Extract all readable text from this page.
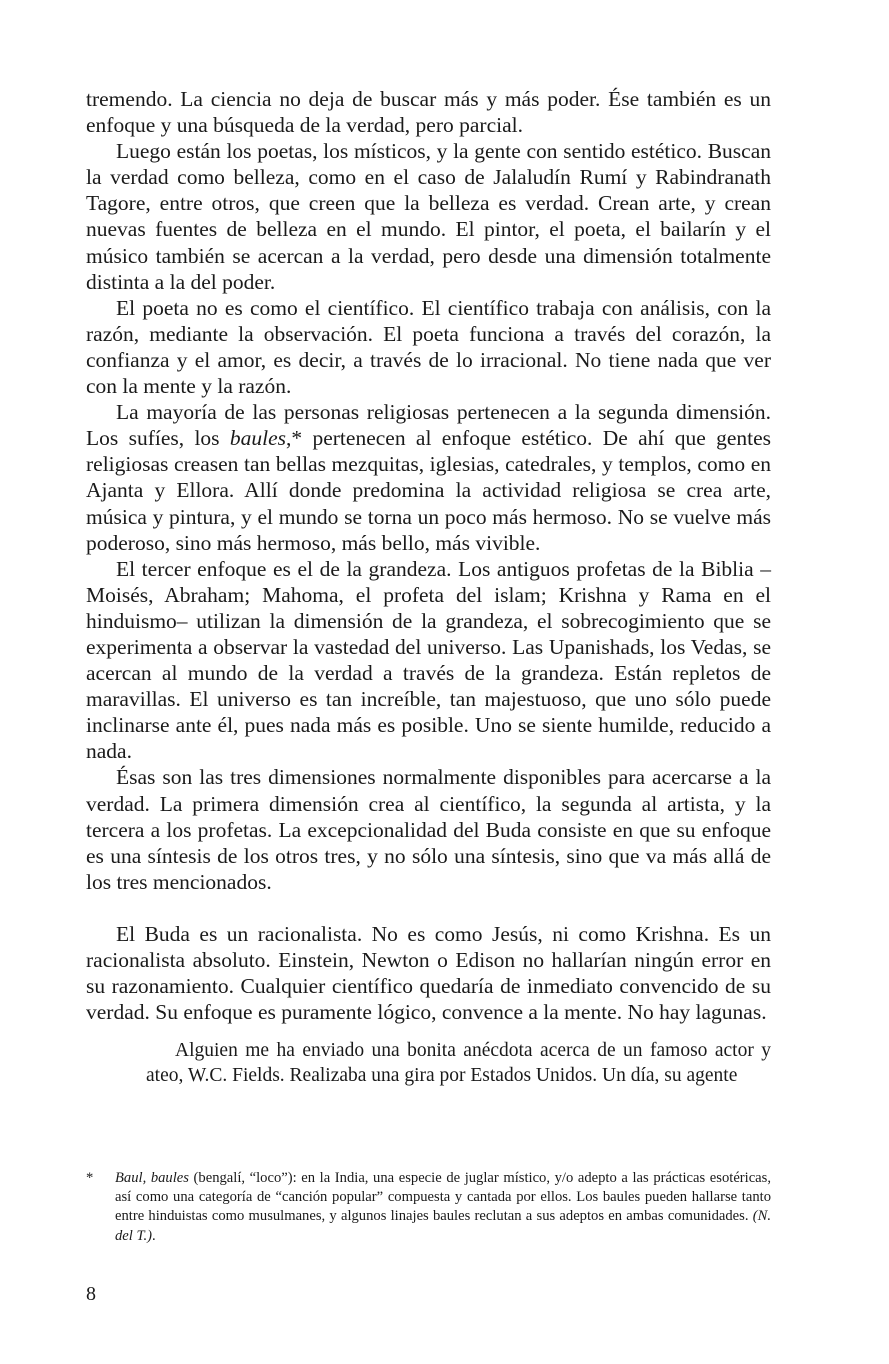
tremendo. La ciencia no deja de buscar más y más poder. Ése también es un enfoque y una búsqueda de la verdad, pero parcial.

Luego están los poetas, los místicos, y la gente con sentido estético. Buscan la verdad como belleza, como en el caso de Jalaludín Rumí y Rabindranath Tagore, entre otros, que creen que la belleza es verdad. Crean arte, y crean nuevas fuentes de belleza en el mundo. El pintor, el poeta, el bailarín y el músico también se acercan a la verdad, pero desde una dimensión totalmente distinta a la del poder.

El poeta no es como el científico. El científico trabaja con análisis, con la razón, mediante la observación. El poeta funciona a través del corazón, la confianza y el amor, es decir, a través de lo irracional. No tiene nada que ver con la mente y la razón.

La mayoría de las personas religiosas pertenecen a la segunda dimensión. Los sufíes, los baules,* pertenecen al enfoque estético. De ahí que gentes religiosas creasen tan bellas mezquitas, iglesias, catedrales, y templos, como en Ajanta y Ellora. Allí donde predomina la actividad religiosa se crea arte, música y pintura, y el mundo se torna un poco más hermoso. No se vuelve más poderoso, sino más hermoso, más bello, más vivible.

El tercer enfoque es el de la grandeza. Los antiguos profetas de la Biblia –Moisés, Abraham; Mahoma, el profeta del islam; Krishna y Rama en el hinduismo– utilizan la dimensión de la grandeza, el sobrecogimiento que se experimenta a observar la vastedad del universo. Las Upanishads, los Vedas, se acercan al mundo de la verdad a través de la grandeza. Están repletos de maravillas. El universo es tan increíble, tan majestuoso, que uno sólo puede inclinarse ante él, pues nada más es posible. Uno se siente humilde, reducido a nada.

Ésas son las tres dimensiones normalmente disponibles para acercarse a la verdad. La primera dimensión crea al científico, la segunda al artista, y la tercera a los profetas. La excepcionalidad del Buda consiste en que su enfoque es una síntesis de los otros tres, y no sólo una síntesis, sino que va más allá de los tres mencionados.

El Buda es un racionalista. No es como Jesús, ni como Krishna. Es un racionalista absoluto. Einstein, Newton o Edison no hallarían ningún error en su razonamiento. Cualquier científico quedaría de inmediato convencido de su verdad. Su enfoque es puramente lógico, convence a la mente. No hay lagunas.

Alguien me ha enviado una bonita anécdota acerca de un famoso actor y ateo, W.C. Fields. Realizaba una gira por Estados Unidos. Un día, su agente

* Baul, baules (bengalí, “loco”): en la India, una especie de juglar místico, y/o adepto a las prácticas esotéricas, así como una categoría de “canción popular” compuesta y cantada por ellos. Los baules pueden hallarse tanto entre hinduistas como musulmanes, y algunos linajes baules reclutan a sus adeptos en ambas comunidades. (N. del T.).
8
